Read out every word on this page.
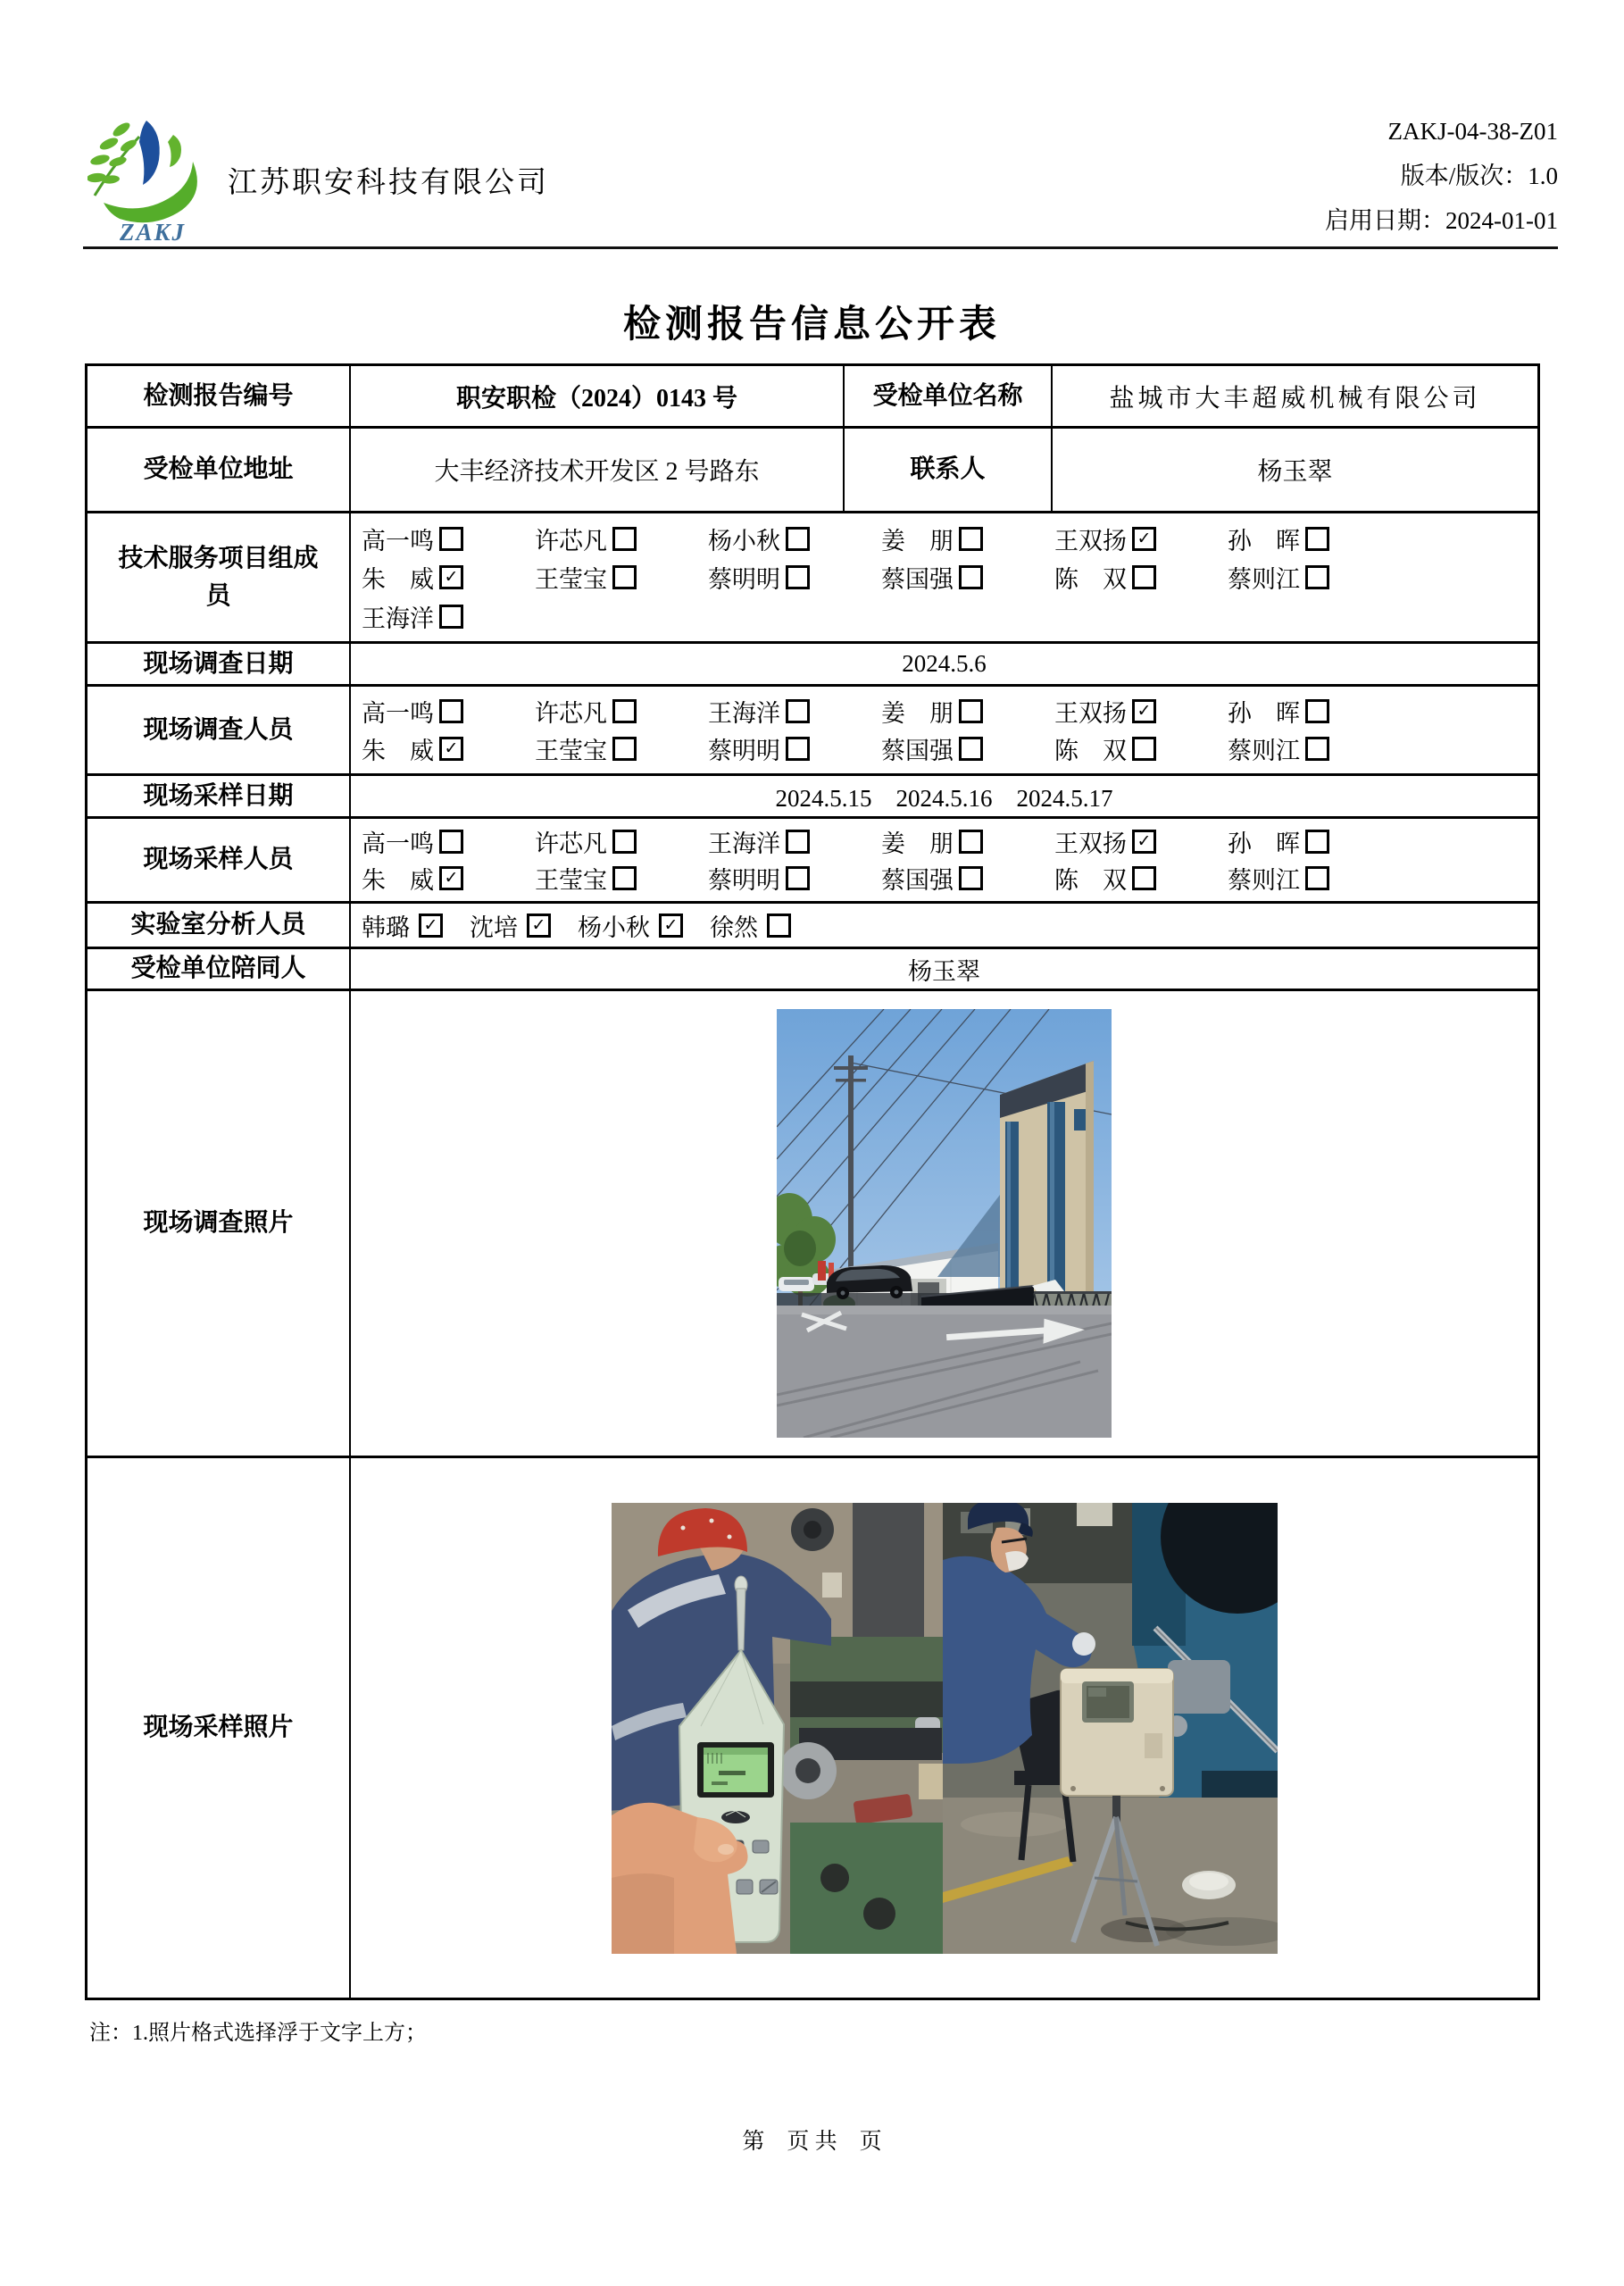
ZAKJ
江苏职安科技有限公司
ZAKJ-04-38-Z01
版本/版次：1.0
启用日期：2024-01-01
检测报告信息公开表
检测报告编号	职安职检（2024）0143 号	受检单位名称	盐城市大丰超威机械有限公司
受检单位地址	大丰经济技术开发区 2 号路东	联系人	杨玉翠
技术服务项目组成员
高一鸣	许芯凡	杨小秋	姜　朋	王双扬 ✓	孙　晖
朱　威 ✓	王莹宝	蔡明明	蔡国强	陈　双	蔡则江
王海洋
现场调查日期	2024.5.6
现场调查人员
高一鸣	许芯凡	王海洋	姜　朋	王双扬 ✓	孙　晖
朱　威 ✓	王莹宝	蔡明明	蔡国强	陈　双	蔡则江
现场采样日期	2024.5.15　2024.5.16　2024.5.17
现场采样人员
高一鸣	许芯凡	王海洋	姜　朋	王双扬 ✓	孙　晖
朱　威 ✓	王莹宝	蔡明明	蔡国强	陈　双	蔡则江
实验室分析人员	韩璐 ✓ 沈培 ✓ 杨小秋 ✓ 徐然
受检单位陪同人	杨玉翠
现场调查照片
现场采样照片
注：1.照片格式选择浮于文字上方；
第　页 共　页
